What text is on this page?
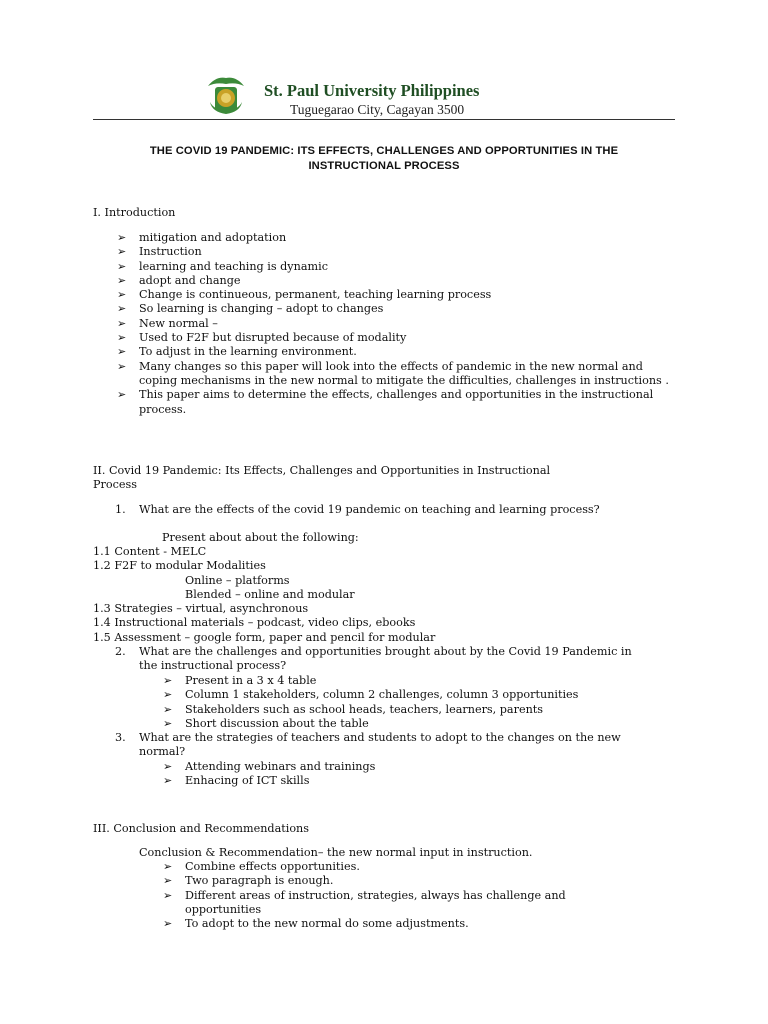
St. Paul University Philippines
Tuguegarao City, Cagayan 3500
THE COVID 19 PANDEMIC: ITS EFFECTS, CHALLENGES AND OPPORTUNITIES IN THE
INSTRUCTIONAL PROCESS
I. Introduction
➢ mitigation and adoptation
➢ Instruction
➢ learning and teaching is dynamic
➢ adopt and change
➢ Change is continueous, permanent, teaching learning process
➢ So learning is changing – adopt to changes
➢ New normal –
➢ Used to F2F but disrupted because of modality
➢ To adjust in the learning environment.
➢ Many changes so this paper will look into the effects of pandemic in the new normal and coping mechanisms in the new normal to mitigate the difficulties, challenges in instructions .
➢ This paper aims to determine the effects, challenges and opportunities in the instructional process.
II. Covid 19 Pandemic: Its Effects, Challenges and Opportunities in Instructional
Process
1. What are the effects of the covid 19 pandemic on teaching and learning process?
Present about about the following:
1.1 Content - MELC
1.2 F2F to modular Modalities
Online – platforms
Blended – online and modular
1.3 Strategies – virtual, asynchronous
1.4 Instructional materials – podcast, video clips, ebooks
1.5 Assessment – google form, paper and pencil for modular
2. What are the challenges and opportunities brought about by the Covid 19 Pandemic in the instructional process?
➢ Present in a 3 x 4 table
➢ Column 1 stakeholders, column 2 challenges, column 3 opportunities
➢ Stakeholders such as school heads, teachers, learners, parents
➢ Short discussion about the table
3. What are the strategies of teachers and students to adopt to the changes on the new normal?
➢ Attending webinars and trainings
➢ Enhacing of ICT skills
III. Conclusion and Recommendations
Conclusion & Recommendation– the new normal input in instruction.
➢ Combine effects opportunities.
➢ Two paragraph is enough.
➢ Different areas of instruction, strategies, always has challenge and opportunities
➢ To adopt to the new normal do some adjustments.
